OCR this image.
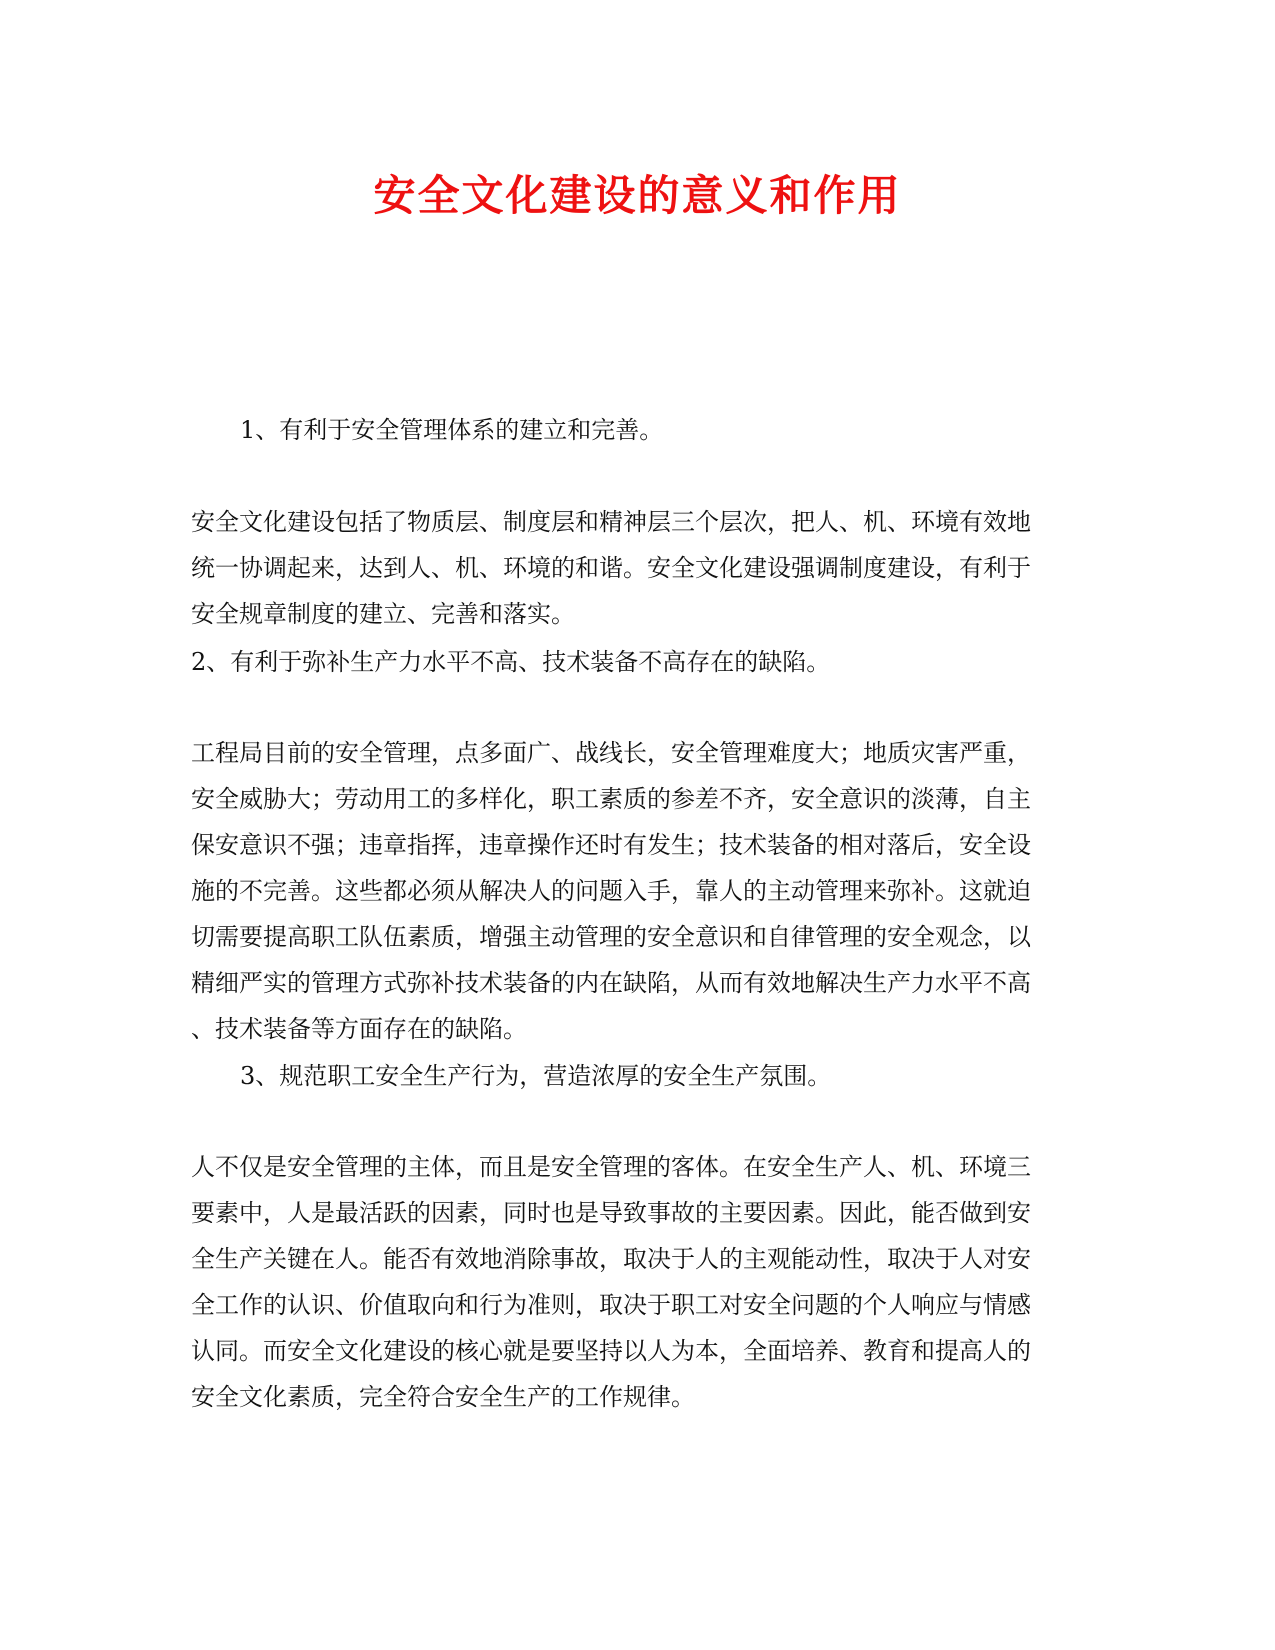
安全文化建设的意义和作用

1、有利于安全管理体系的建立和完善。

安全文化建设包括了物质层、制度层和精神层三个层次，把人、机、环境有效地

统一协调起来，达到人、机、环境的和谐。安全文化建设强调制度建设，有利于

安全规章制度的建立、完善和落实。

2、有利于弥补生产力水平不高、技术装备不高存在的缺陷。

工程局目前的安全管理，点多面广、战线长，安全管理难度大；地质灾害严重，

安全威胁大；劳动用工的多样化，职工素质的参差不齐，安全意识的淡薄，自主

保安意识不强；违章指挥，违章操作还时有发生；技术装备的相对落后，安全设

施的不完善。这些都必须从解决人的问题入手，靠人的主动管理来弥补。这就迫

切需要提高职工队伍素质，增强主动管理的安全意识和自律管理的安全观念，以

精细严实的管理方式弥补技术装备的内在缺陷，从而有效地解决生产力水平不高

、技术装备等方面存在的缺陷。

3、规范职工安全生产行为，营造浓厚的安全生产氛围。

人不仅是安全管理的主体，而且是安全管理的客体。在安全生产人、机、环境三

要素中，人是最活跃的因素，同时也是导致事故的主要因素。因此，能否做到安

全生产关键在人。能否有效地消除事故，取决于人的主观能动性，取决于人对安

全工作的认识、价值取向和行为准则，取决于职工对安全问题的个人响应与情感

认同。而安全文化建设的核心就是要坚持以人为本，全面培养、教育和提高人的

安全文化素质，完全符合安全生产的工作规律。
